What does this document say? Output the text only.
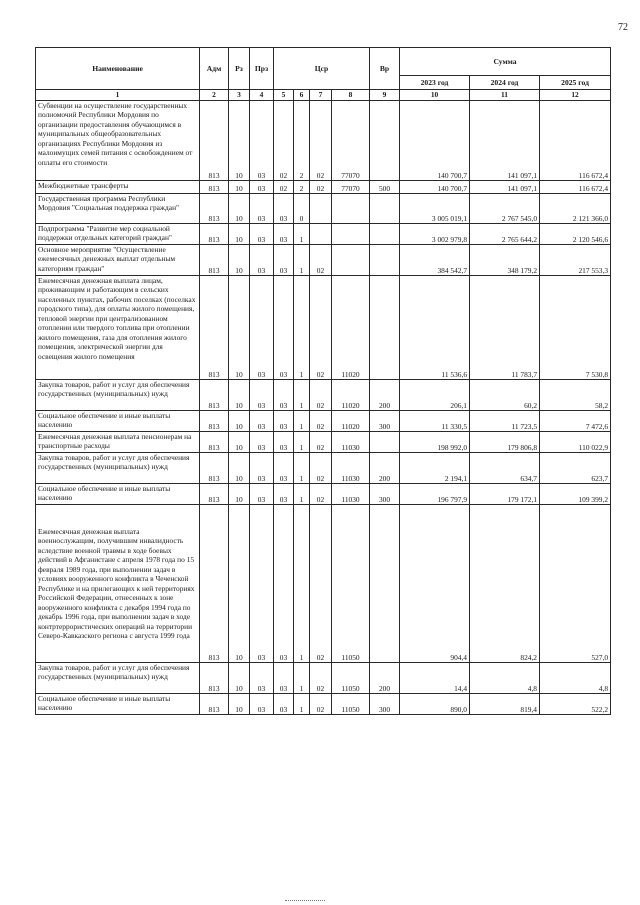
72
Наименование	Адм	Рз	Прз	Цср				Вр	Сумма		
									2023 год	2024 год	2025 год
1	2	3	4	5	6	7	8	9	10	11	12
Субвенции на осуществление государственных полномочий Республики Мордовия по организации предоставления обучающимся в муниципальных общеобразовательных организациях Республики Мордовия из малоимущих семей питания с освобождением от оплаты его стоимости	813	10	03	02	2	02	77070		140 700,7	141 097,1	116 672,4
Межбюджетные трансферты	813	10	03	02	2	02	77070	500	140 700,7	141 097,1	116 672,4
Государственная программа Республики Мордовия "Социальная поддержка граждан"	813	10	03	03	0				3 005 019,1	2 767 545,0	2 121 366,0
Подпрограмма "Развитие мер социальной поддержки отдельных категорий граждан"	813	10	03	03	1				3 002 979,8	2 765 644,2	2 120 546,6
Основное мероприятие "Осуществление ежемесячных денежных выплат отдельным категориям граждан"	813	10	03	03	1	02			384 542,7	348 179,2	217 553,3
Ежемесячная денежная выплата лицам, проживающим и работающим в сельских населенных пунктах, рабочих поселках (поселках городского типа), для оплаты жилого помещения, тепловой энергии при централизованном отоплении или твердого топлива при отоплении жилого помещения, газа для отопления жилого помещения, электрической энергии для освещения жилого помещения	813	10	03	03	1	02	11020		11 536,6	11 783,7	7 530,8
Закупка товаров, работ и услуг для обеспечения государственных (муниципальных) нужд	813	10	03	03	1	02	11020	200	206,1	60,2	58,2
Социальное обеспечение и иные выплаты населению	813	10	03	03	1	02	11020	300	11 330,5	11 723,5	7 472,6
Ежемесячная денежная выплата пенсионерам на транспортные расходы	813	10	03	03	1	02	11030		198 992,0	179 806,8	110 022,9
Закупка товаров, работ и услуг для обеспечения государственных (муниципальных) нужд	813	10	03	03	1	02	11030	200	2 194,1	634,7	623,7
Социальное обеспечение и иные выплаты населению	813	10	03	03	1	02	11030	300	196 797,9	179 172,1	109 399,2
Ежемесячная денежная выплата военнослужащим, получившим инвалидность вследствие военной травмы в ходе боевых действий в Афганистане с апреля 1978 года по 15 февраля 1989 года, при выполнении задач в условиях вооруженного конфликта в Чеченской Республике и на прилегающих к ней территориях Российской Федерации, отнесенных к зоне вооруженного конфликта с декабря 1994 года по декабрь 1996 года, при выполнении задач в ходе контртеррористических операций на территории Северо-Кавказского региона с августа 1999 года	813	10	03	03	1	02	11050		904,4	824,2	527,0
Закупка товаров, работ и услуг для обеспечения государственных (муниципальных) нужд	813	10	03	03	1	02	11050	200	14,4	4,8	4,8
Социальное обеспечение и иные выплаты населению	813	10	03	03	1	02	11050	300	890,0	819,4	522,2
